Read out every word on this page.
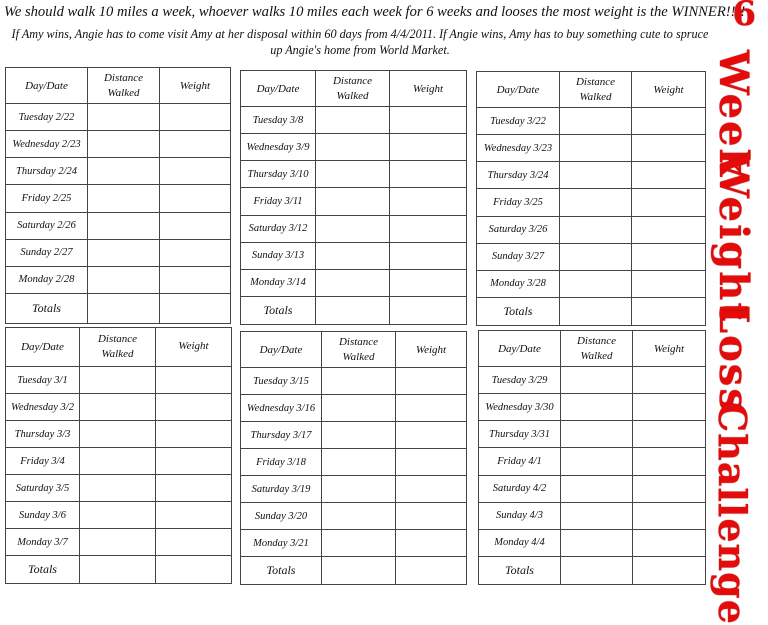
We should walk 10 miles a week, whoever walks 10 miles each week for 6 weeks and looses the most weight is the WINNER!!!!
If Amy wins, Angie has to come visit Amy at her disposal within 60 days from 4/4/2011. If Angie wins, Amy has to buy something cute to spruce up Angie's home from World Market.
Day/Date	Distance Walked	Weight
Tuesday 2/22		
Wednesday 2/23		
Thursday 2/24		
Friday 2/25		
Saturday 2/26		
Sunday 2/27		
Monday 2/28		
Totals		
Day/Date	Distance Walked	Weight
Tuesday 3/8		
Wednesday 3/9		
Thursday 3/10		
Friday 3/11		
Saturday 3/12		
Sunday 3/13		
Monday 3/14		
Totals		
Day/Date	Distance Walked	Weight
Tuesday 3/22		
Wednesday 3/23		
Thursday 3/24		
Friday 3/25		
Saturday 3/26		
Sunday 3/27		
Monday 3/28		
Totals		
Day/Date	Distance Walked	Weight
Tuesday 3/1		
Wednesday 3/2		
Thursday 3/3		
Friday 3/4		
Saturday 3/5		
Sunday 3/6		
Monday 3/7		
Totals		
Day/Date	Distance Walked	Weight
Tuesday 3/15		
Wednesday 3/16		
Thursday 3/17		
Friday 3/18		
Saturday 3/19		
Sunday 3/20		
Monday 3/21		
Totals		
Day/Date	Distance Walked	Weight
Tuesday 3/29		
Wednesday 3/30		
Thursday 3/31		
Friday 4/1		
Saturday 4/2		
Sunday 4/3		
Monday 4/4		
Totals		
6
Week
Weight
Loss
Challenge
